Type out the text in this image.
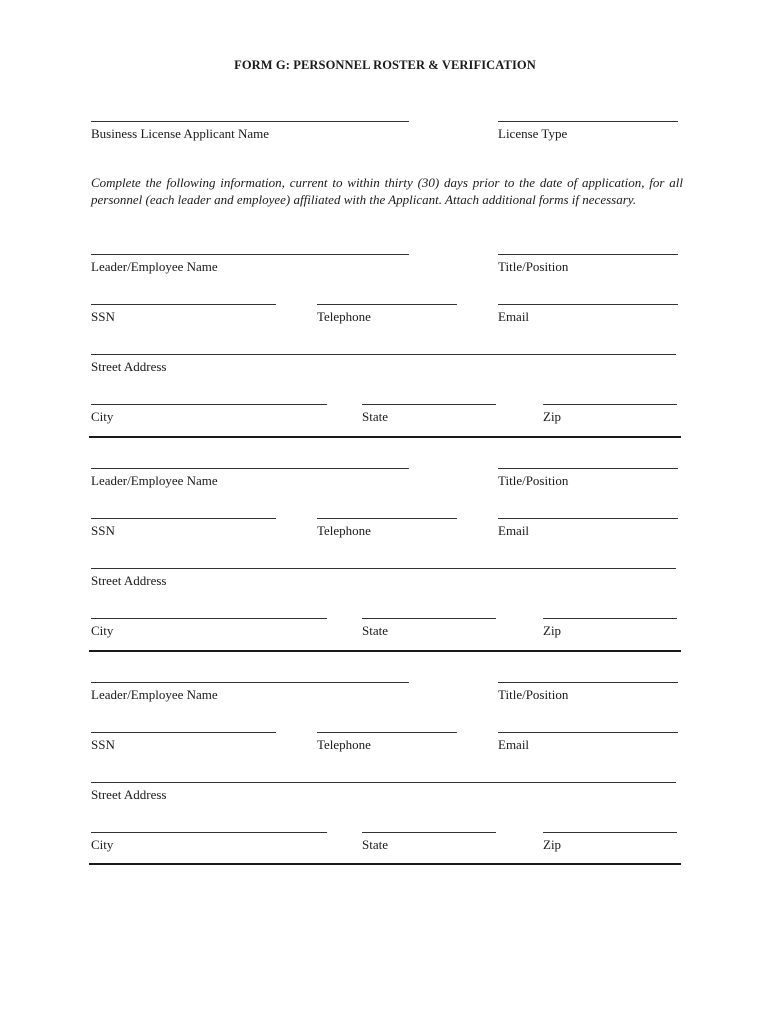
FORM G: PERSONNEL ROSTER & VERIFICATION
Business License Applicant Name	License Type
Complete the following information, current to within thirty (30) days prior to the date of application, for all personnel (each leader and employee) affiliated with the Applicant. Attach additional forms if necessary.
Leader/Employee Name	Title/Position
SSN	Telephone	Email
Street Address
City	State	Zip
Leader/Employee Name	Title/Position
SSN	Telephone	Email
Street Address
City	State	Zip
Leader/Employee Name	Title/Position
SSN	Telephone	Email
Street Address
City	State	Zip
